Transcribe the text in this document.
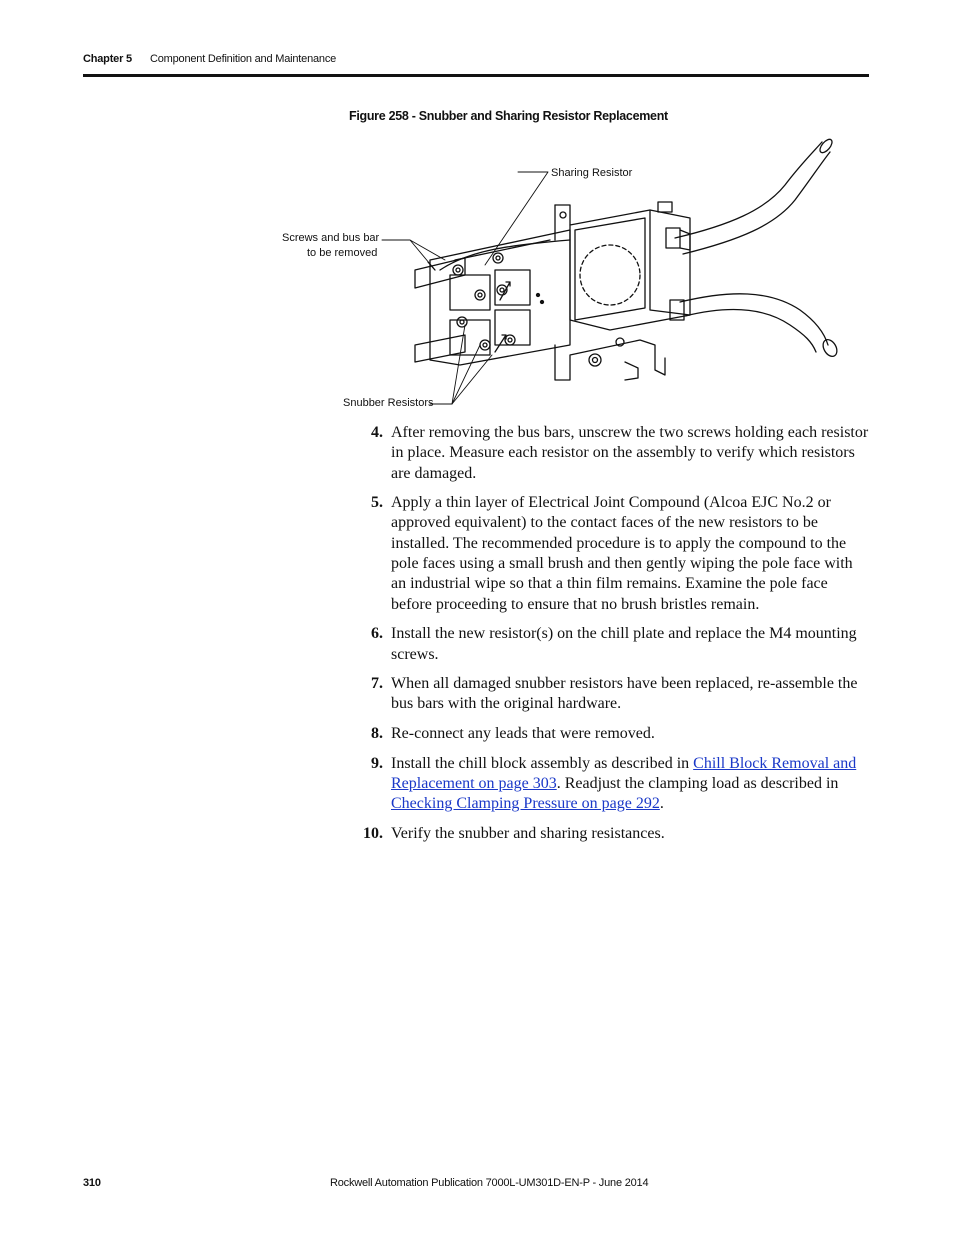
Chapter 5 Component Definition and Maintenance
Figure 258 - Snubber and Sharing Resistor Replacement
Sharing Resistor
Screws and bus bar
to be removed
Snubber Resistors
4. After removing the bus bars, unscrew the two screws holding each resistor in place. Measure each resistor on the assembly to verify which resistors are damaged.
5. Apply a thin layer of Electrical Joint Compound (Alcoa EJC No.2 or approved equivalent) to the contact faces of the new resistors to be installed. The recommended procedure is to apply the compound to the pole faces using a small brush and then gently wiping the pole face with an industrial wipe so that a thin film remains. Examine the pole face before proceeding to ensure that no brush bristles remain.
6. Install the new resistor(s) on the chill plate and replace the M4 mounting screws.
7. When all damaged snubber resistors have been replaced, re-assemble the bus bars with the original hardware.
8. Re-connect any leads that were removed.
9. Install the chill block assembly as described in Chill Block Removal and Replacement on page 303. Readjust the clamping load as described in Checking Clamping Pressure on page 292.
10. Verify the snubber and sharing resistances.
310	Rockwell Automation Publication 7000L-UM301D-EN-P - June 2014
